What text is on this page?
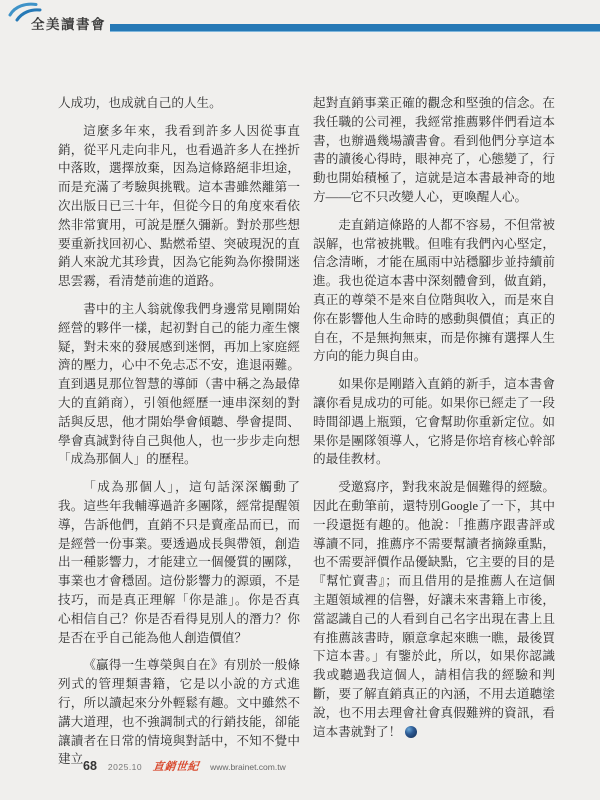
全美讀書會

人成功，也成就自己的人生。

這麼多年來，我看到許多人因從事直銷，從平凡走向非凡，也看過許多人在挫折中落敗，選擇放棄，因為這條路絕非坦途，而是充滿了考驗與挑戰。這本書雖然離第一次出版日已三十年，但從今日的角度來看依然非常實用，可說是歷久彌新。對於那些想要重新找回初心、點燃希望、突破現況的直銷人來說尤其珍貴，因為它能夠為你撥開迷思雲霧，看清楚前進的道路。

書中的主人翁就像我們身邊常見剛開始經營的夥伴一樣，起初對自己的能力產生懷疑，對未來的發展感到迷惘，再加上家庭經濟的壓力，心中不免忐忑不安，進退兩難。直到遇見那位智慧的導師（書中稱之為最偉大的直銷商），引領他經歷一連串深刻的對話與反思，他才開始學會傾聽、學會提問、學會真誠對待自己與他人，也一步步走向想「成為那個人」的歷程。

「成為那個人」，這句話深深觸動了我。這些年我輔導過許多團隊，經常提醒領導，告訴他們，直銷不只是賣產品而已，而是經營一份事業。要透過成長與帶領，創造出一種影響力，才能建立一個優質的團隊，事業也才會穩固。這份影響力的源頭，不是技巧，而是真正理解「你是誰」。你是否真心相信自己？你是否看得見別人的潛力？你是否在乎自己能為他人創造價值？

《贏得一生尊榮與自在》有別於一般條列式的管理類書籍，它是以小說的方式進行，所以讀起來分外輕鬆有趣。文中雖然不講大道理，也不強調制式的行銷技能，卻能讓讀者在日常的情境與對話中，不知不覺中建立

起對直銷事業正確的觀念和堅強的信念。在我任職的公司裡，我經常推薦夥伴們看這本書，也辦過幾場讀書會。看到他們分享這本書的讀後心得時，眼神亮了，心態變了，行動也開始積極了，這就是這本書最神奇的地方——它不只改變人心，更喚醒人心。

走直銷這條路的人都不容易，不但常被誤解，也常被挑戰。但唯有我們內心堅定，信念清晰，才能在風雨中站穩腳步並持續前進。我也從這本書中深刻體會到，做直銷，真正的尊榮不是來自位階與收入，而是來自你在影響他人生命時的感動與價值；真正的自在，不是無拘無束，而是你擁有選擇人生方向的能力與自由。

如果你是剛踏入直銷的新手，這本書會讓你看見成功的可能。如果你已經走了一段時間卻遇上瓶頸，它會幫助你重新定位。如果你是團隊領導人，它將是你培育核心幹部的最佳教材。

受邀寫序，對我來說是個難得的經驗。因此在動筆前，還特別Google了一下，其中一段還挺有趣的。他說：「推薦序跟書評或導讀不同，推薦序不需要幫讀者摘錄重點，也不需要評價作品優缺點，它主要的目的是『幫忙賣書』；而且借用的是推薦人在這個主題領域裡的信譽，好讓未來書籍上市後，當認識自己的人看到自己名字出現在書上且有推薦該書時，願意拿起來瞧一瞧，最後買下這本書。」有鑒於此，所以，如果你認識我或聽過我這個人，請相信我的經驗和判斷，要了解直銷真正的內涵，不用去道聽塗說，也不用去理會社會真假難辨的資訊，看這本書就對了！

68 2025.10 直銷世紀 www.brainet.com.tw
